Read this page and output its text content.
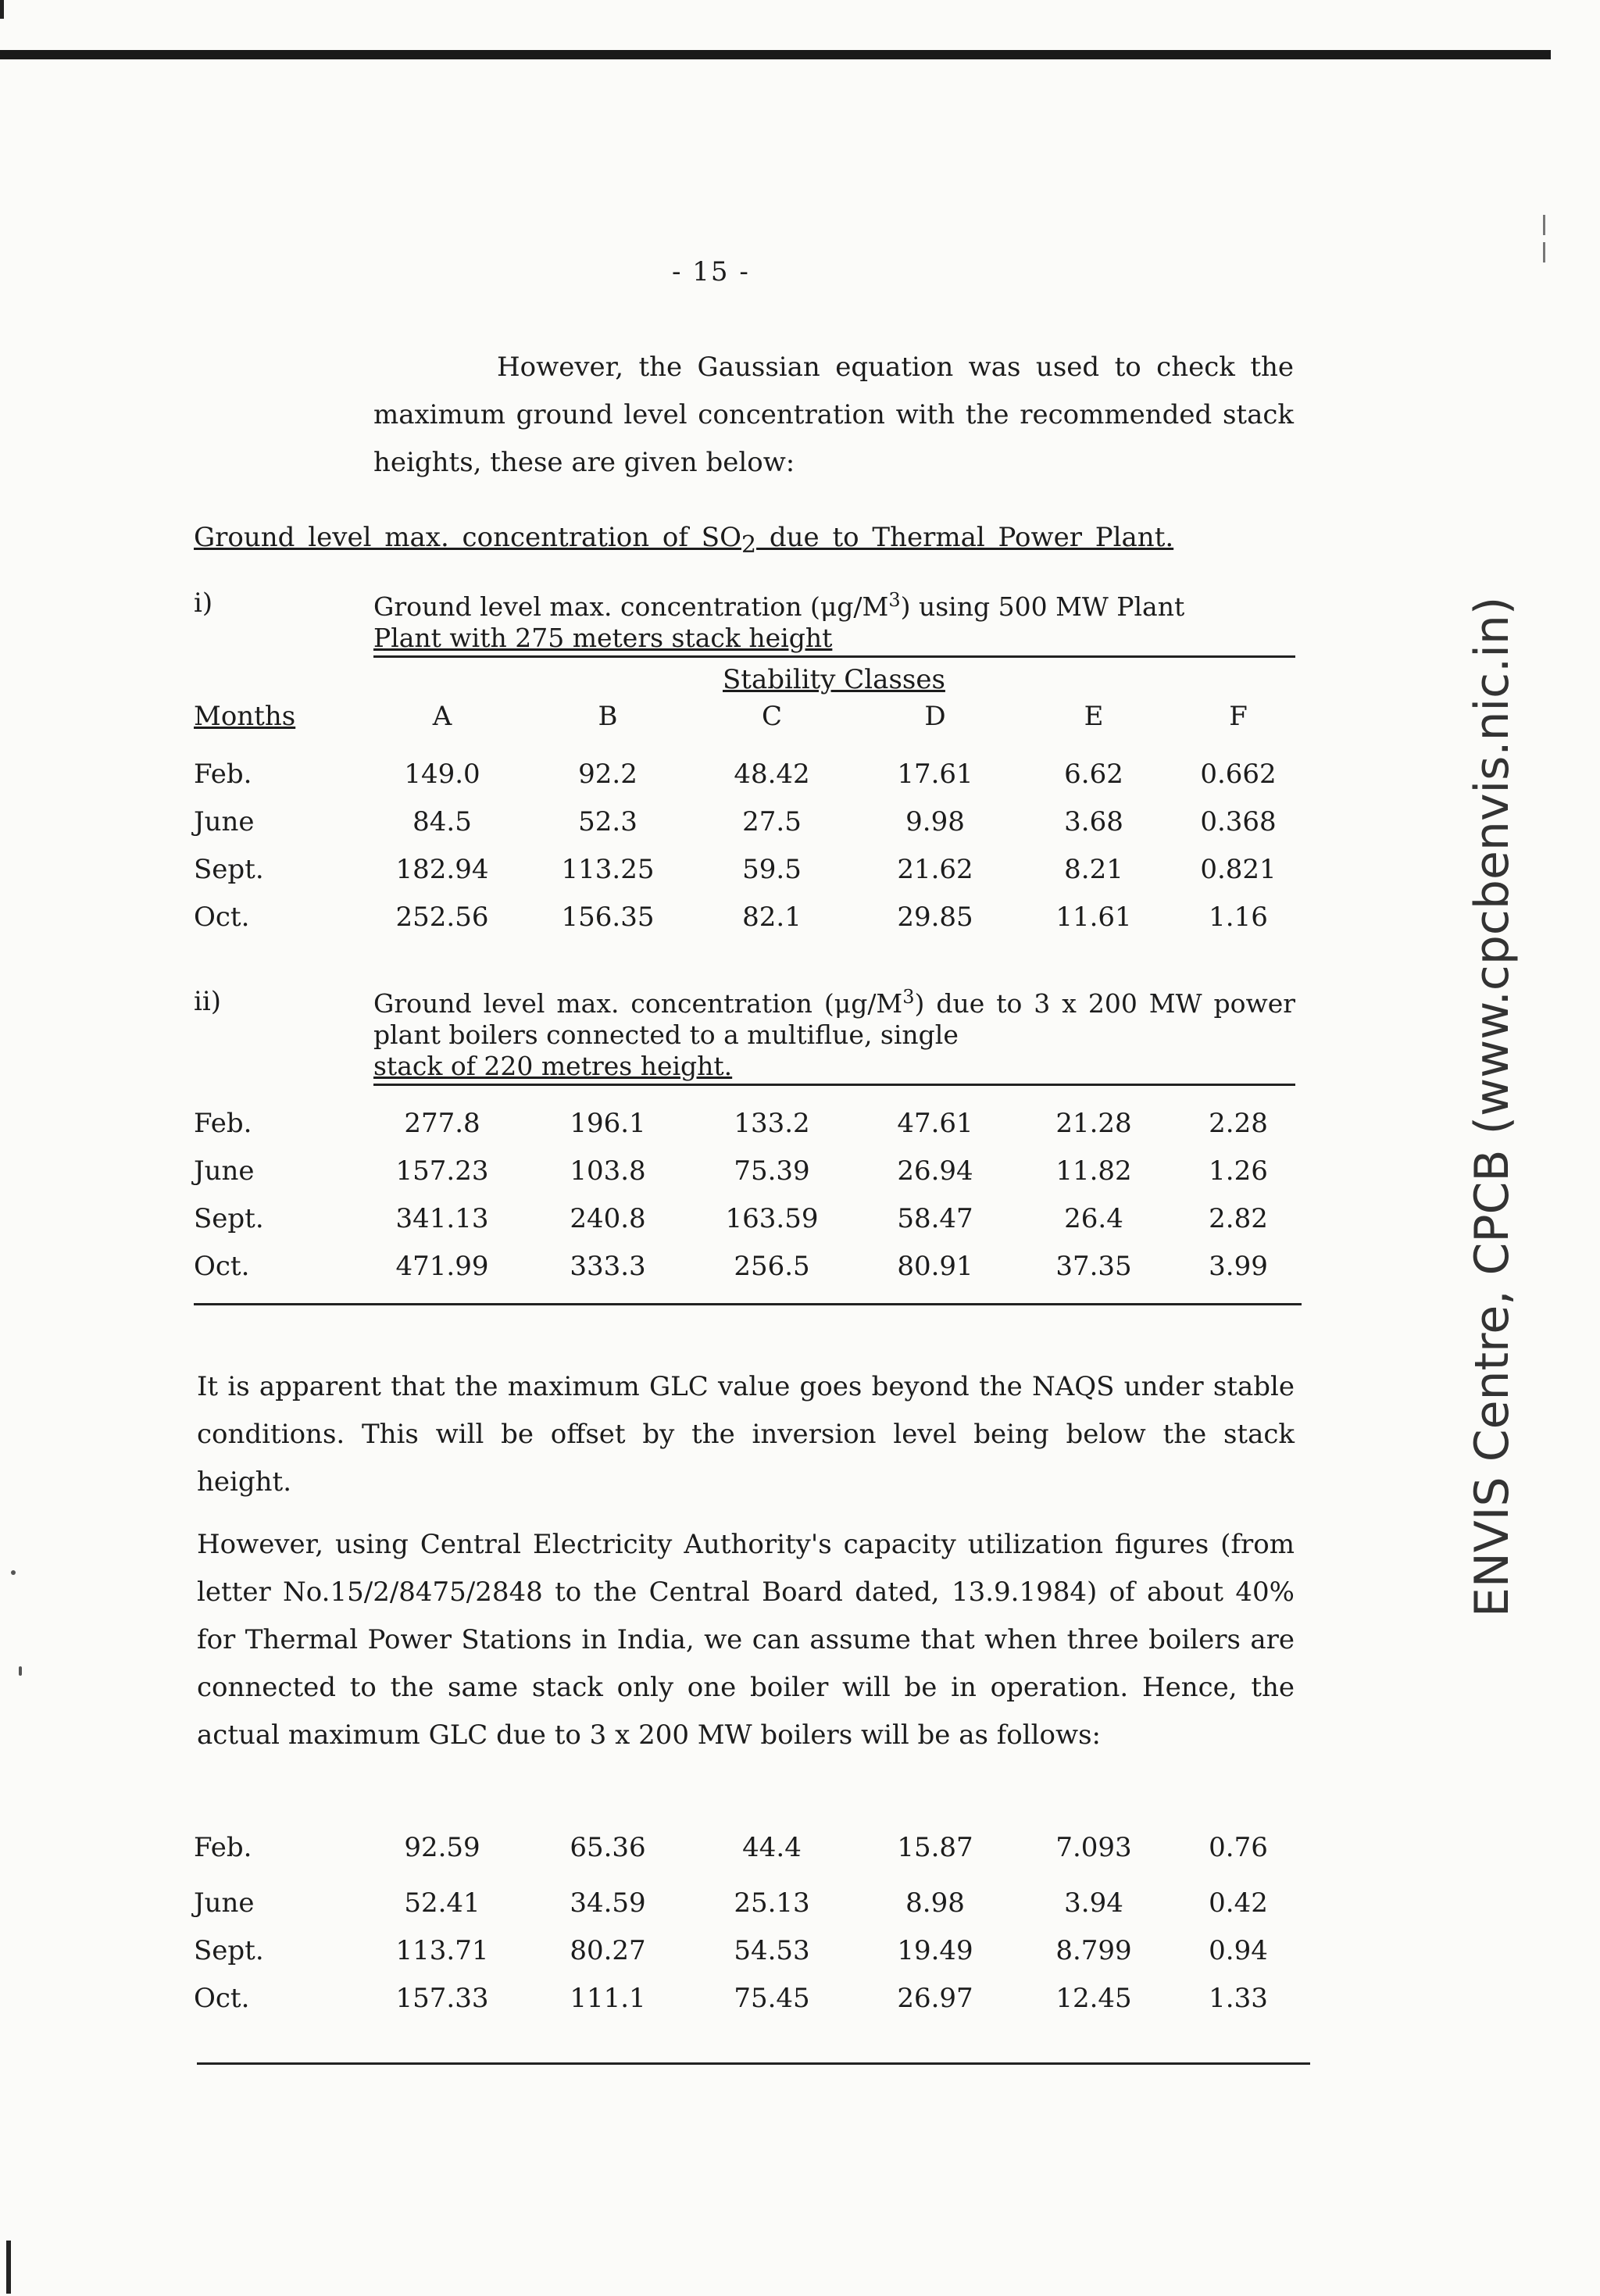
- 15 -
However, the Gaussian equation was used to check the maximum ground level concentration with the recommended stack heights, these are given below:
Ground level max. concentration of $SO_2$ due to Thermal Power Plant.
i)	Ground level max. concentration $(\mu g/M^3)$ using 500 MW Plant
Plant with 275 meters stack height
Stability Classes
Months	A	B	C	D	E	F
Feb.	149.0	92.2	48.42	17.61	6.62	0.662
June	84.5	52.3	27.5	9.98	3.68	0.368
Sept.	182.94	113.25	59.5	21.62	8.21	0.821
Oct.	252.56	156.35	82.1	29.85	11.61	1.16
ii)	Ground level max. concentration $(\mu g/M^3)$ due to 3 x 200 MW power plant boilers connected to a multiflue, single
stack of 220 metres height.
Feb.	277.8	196.1	133.2	47.61	21.28	2.28
June	157.23	103.8	75.39	26.94	11.82	1.26
Sept.	341.13	240.8	163.59	58.47	26.4	2.82
Oct.	471.99	333.3	256.5	80.91	37.35	3.99
It is apparent that the maximum GLC value goes beyond the NAQS under stable conditions. This will be offset by the inversion level being below the stack height.
However, using Central Electricity Authority's capacity utilization figures (from letter No.15/2/8475/2848 to the Central Board dated, 13.9.1984) of about 40% for Thermal Power Stations in India, we can assume that when three boilers are connected to the same stack only one boiler will be in operation. Hence, the actual maximum GLC due to 3 x 200 MW boilers will be as follows:
Feb.	92.59	65.36	44.4	15.87	7.093	0.76
June	52.41	34.59	25.13	8.98	3.94	0.42
Sept.	113.71	80.27	54.53	19.49	8.799	0.94
Oct.	157.33	111.1	75.45	26.97	12.45	1.33
ENVIS Centre, CPCB (www.cpcbenvis.nic.in)
